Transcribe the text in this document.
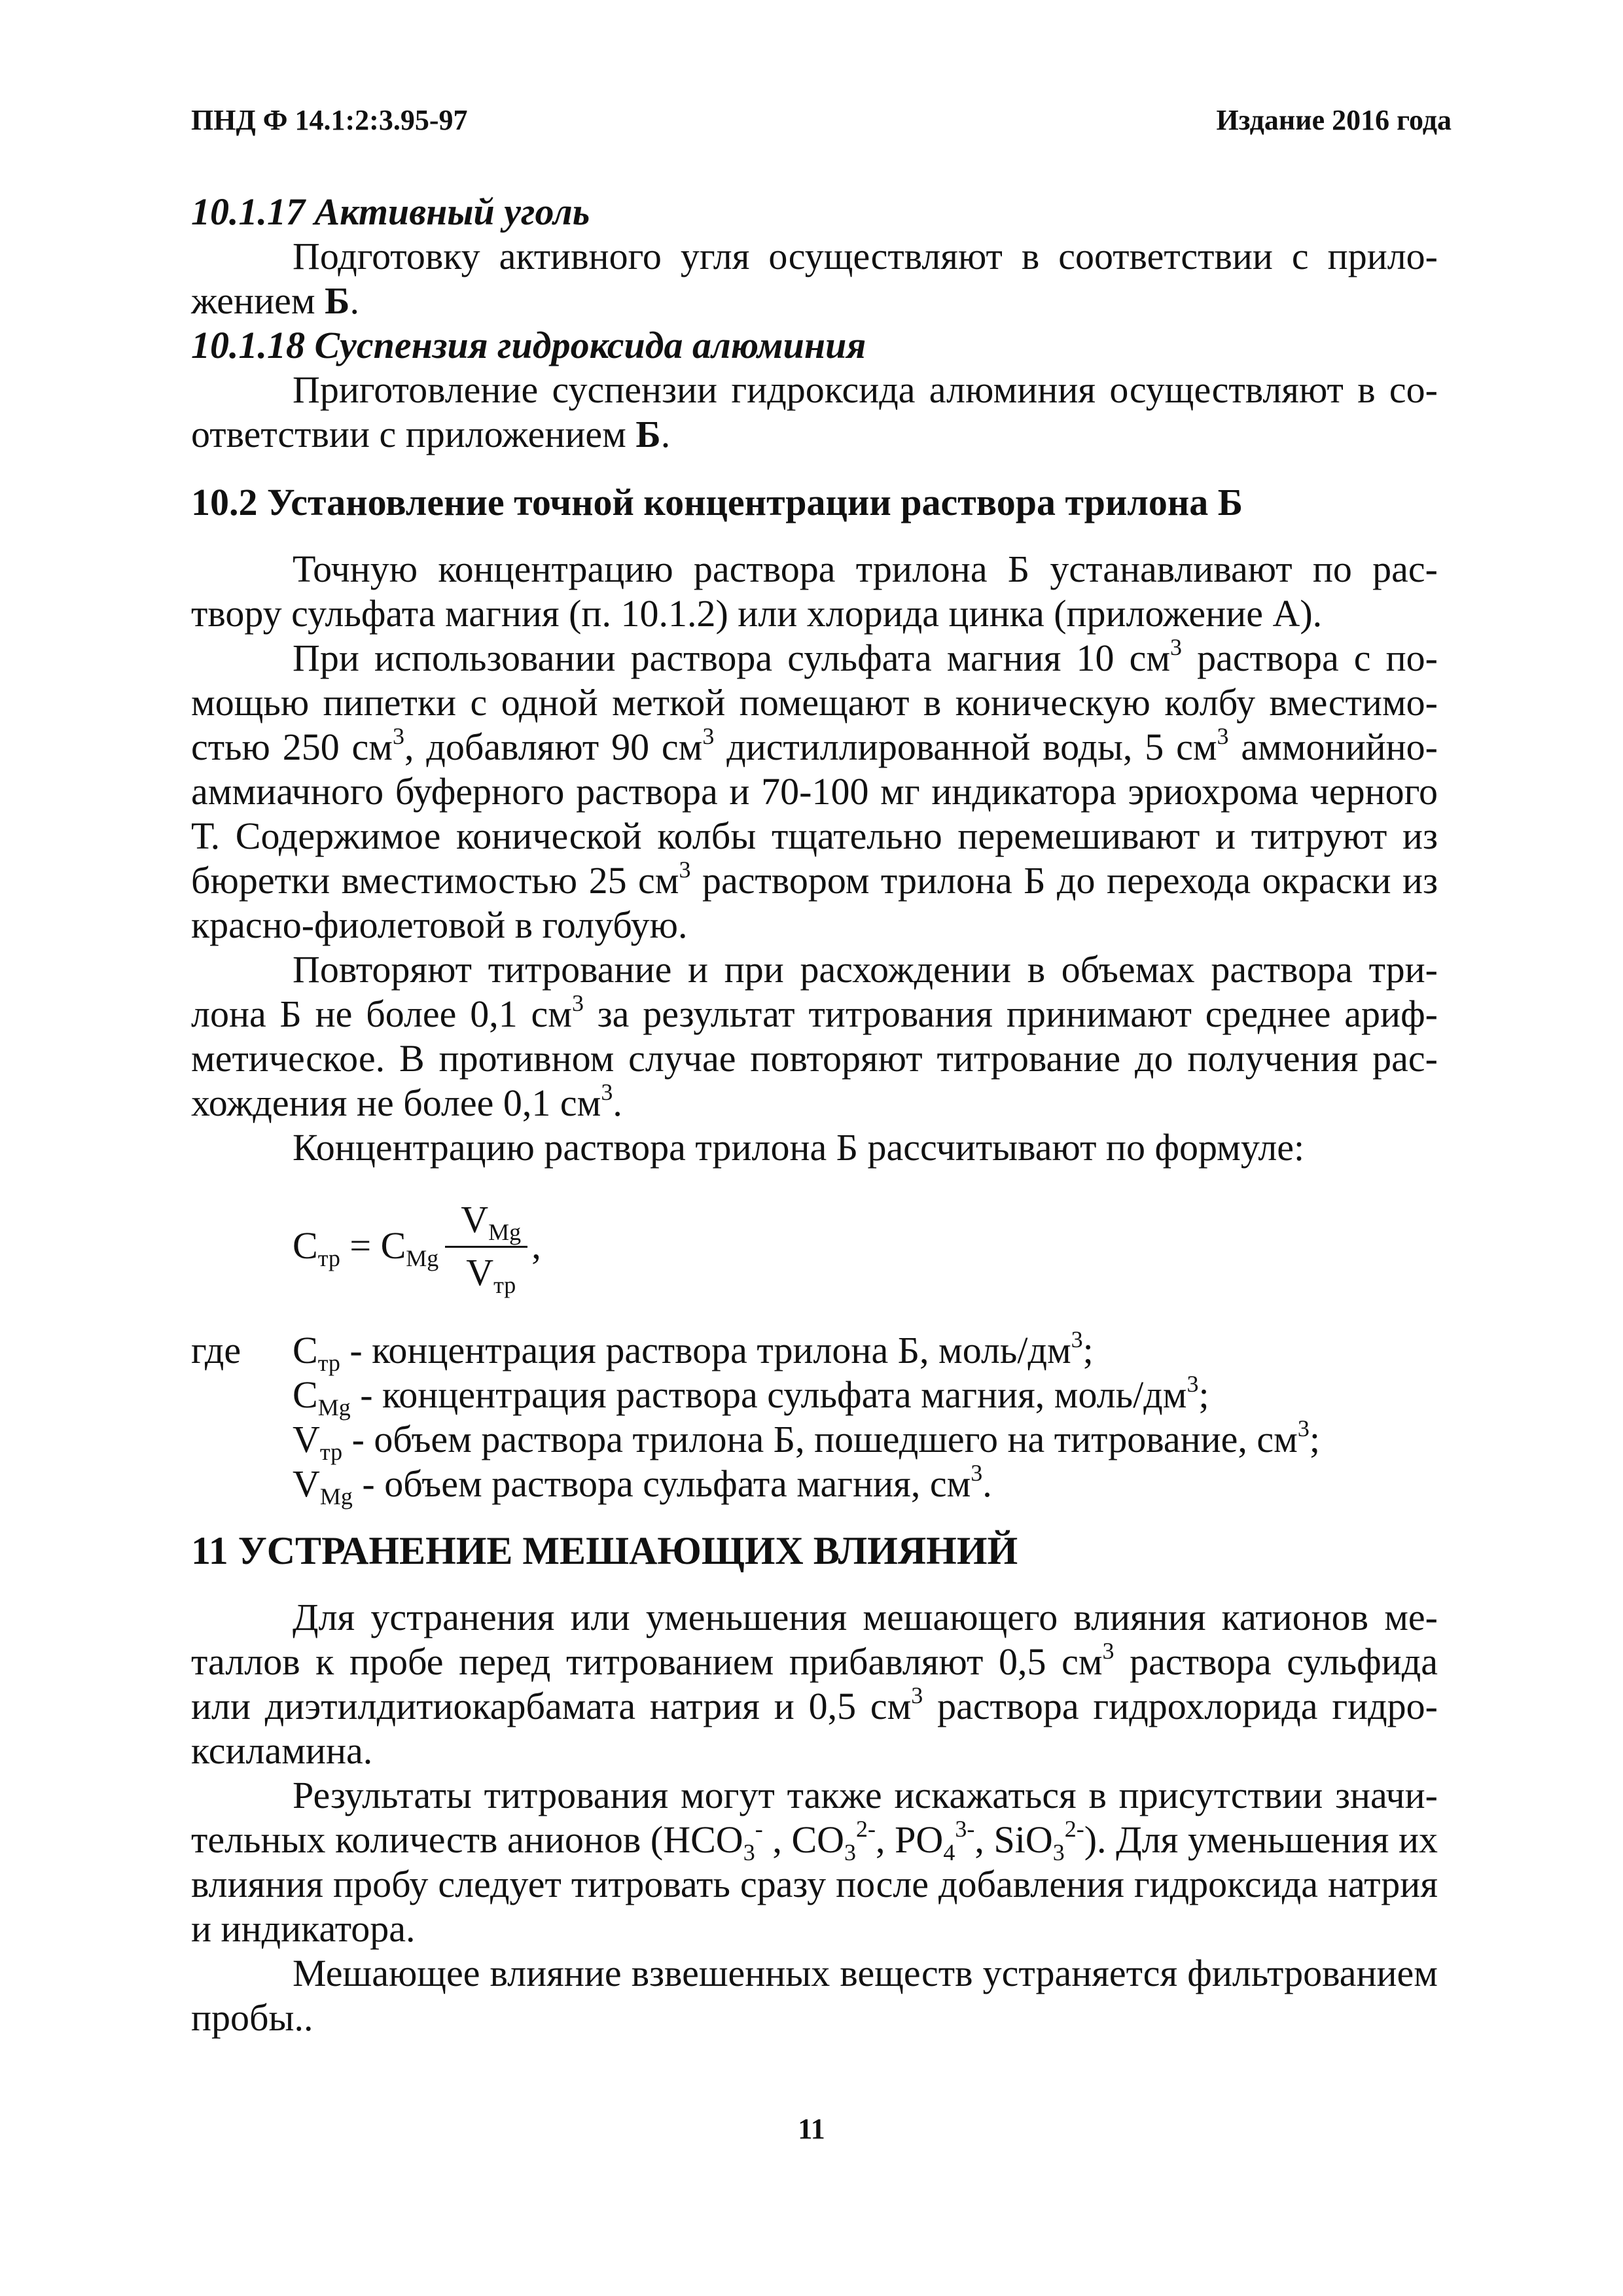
ПНД Ф 14.1:2:3.95-97	Издание 2016 года

10.1.17 Активный уголь

Подготовку активного угля осуществляют в соответствии с приложением Б.

10.1.18 Суспензия гидроксида алюминия

Приготовление суспензии гидроксида алюминия осуществляют в соответствии с приложением Б.

10.2 Установление точной концентрации раствора трилона Б

Точную концентрацию раствора трилона Б устанавливают по раствору сульфата магния (п. 10.1.2) или хлорида цинка (приложение А).

При использовании раствора сульфата магния 10 $см^3$ раствора с помощью пипетки с одной меткой помещают в коническую колбу вместимостью 250 $см^3$, добавляют 90 $см^3$ дистиллированной воды, 5 $см^3$ аммонийно-аммиачного буферного раствора и 70-100 мг индикатора эриохрома черного Т. Содержимое конической колбы тщательно перемешивают и титруют из бюретки вместимостью 25 $см^3$ раствором трилона Б до перехода окраски из красно-фиолетовой в голубую.

Повторяют титрование и при расхождении в объемах раствора трилона Б не более 0,1 $см^3$ за результат титрования принимают среднее арифметическое. В противном случае повторяют титрование до получения расхождения не более 0,1 $см^3$.

Концентрацию раствора трилона Б рассчитывают по формуле:

$C_{тр} = C_{Mg} \frac{V_{Mg}}{V_{тр}}$ ,
где	$C_{тр}$ - концентрация раствора трилона Б, моль/$дм^3$;

$C_{Mg}$ - концентрация раствора сульфата магния, моль/$дм^3$;

$V_{тр}$ - объем раствора трилона Б, пошедшего на титрование, $см^3$;

$V_{Mg}$ - объем раствора сульфата магния, $см^3$.

11 УСТРАНЕНИЕ МЕШАЮЩИХ ВЛИЯНИЙ

Для устранения или уменьшения мешающего влияния катионов металлов к пробе перед титрованием прибавляют 0,5 $см^3$ раствора сульфида или диэтилдитиокарбамата натрия и 0,5 $см^3$ раствора гидрохлорида гидроксиламина.

Результаты титрования могут также искажаться в присутствии значительных количеств анионов ($HCO_3^-$ , $CO_3^{2-}$, $PO_4^{3-}$, SiO$_3^{2-}$). Для уменьшения их влияния пробу следует титровать сразу после добавления гидроксида натрия и индикатора.

Мешающее влияние взвешенных веществ устраняется фильтрованием пробы..

11
